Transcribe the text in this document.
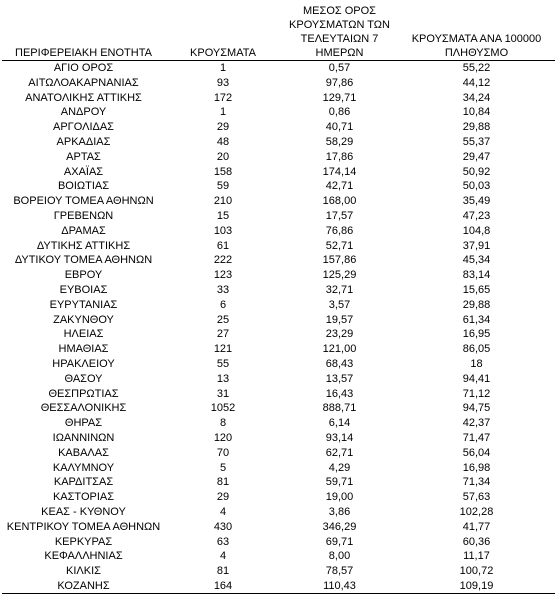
ΠΕΡΙΦΕΡΕΙΑΚΗ ΕΝΟΤΗΤΑ	ΚΡΟΥΣΜΑΤΑ	ΜΕΣΟΣ ΟΡΟΣ ΚΡΟΥΣΜΑΤΩΝ ΤΩΝ ΤΕΛΕΥΤΑΙΩΝ 7 ΗΜΕΡΩΝ	ΚΡΟΥΣΜΑΤΑ ΑΝΑ 100000 ΠΛΗΘΥΣΜΟ
ΑΓΙΟ ΟΡΟΣ	1	0,57	55,22
ΑΙΤΩΛΟΑΚΑΡΝΑΝΙΑΣ	93	97,86	44,12
ΑΝΑΤΟΛΙΚΗΣ ΑΤΤΙΚΗΣ	172	129,71	34,24
ΑΝΔΡΟΥ	1	0,86	10,84
ΑΡΓΟΛΙΔΑΣ	29	40,71	29,88
ΑΡΚΑΔΙΑΣ	48	58,29	55,37
ΑΡΤΑΣ	20	17,86	29,47
ΑΧΑΪΑΣ	158	174,14	50,92
ΒΟΙΩΤΙΑΣ	59	42,71	50,03
ΒΟΡΕΙΟΥ ΤΟΜΕΑ ΑΘΗΝΩΝ	210	168,00	35,49
ΓΡΕΒΕΝΩΝ	15	17,57	47,23
ΔΡΑΜΑΣ	103	76,86	104,8
ΔΥΤΙΚΗΣ ΑΤΤΙΚΗΣ	61	52,71	37,91
ΔΥΤΙΚΟΥ ΤΟΜΕΑ ΑΘΗΝΩΝ	222	157,86	45,34
ΕΒΡΟΥ	123	125,29	83,14
ΕΥΒΟΙΑΣ	33	32,71	15,65
ΕΥΡΥΤΑΝΙΑΣ	6	3,57	29,88
ΖΑΚΥΝΘΟΥ	25	19,57	61,34
ΗΛΕΙΑΣ	27	23,29	16,95
ΗΜΑΘΙΑΣ	121	121,00	86,05
ΗΡΑΚΛΕΙΟΥ	55	68,43	18
ΘΑΣΟΥ	13	13,57	94,41
ΘΕΣΠΡΩΤΙΑΣ	31	16,43	71,12
ΘΕΣΣΑΛΟΝΙΚΗΣ	1052	888,71	94,75
ΘΗΡΑΣ	8	6,14	42,37
ΙΩΑΝΝΙΝΩΝ	120	93,14	71,47
ΚΑΒΑΛΑΣ	70	62,71	56,04
ΚΑΛΥΜΝΟΥ	5	4,29	16,98
ΚΑΡΔΙΤΣΑΣ	81	59,71	71,34
ΚΑΣΤΟΡΙΑΣ	29	19,00	57,63
ΚΕΑΣ - ΚΥΘΝΟΥ	4	3,86	102,28
ΚΕΝΤΡΙΚΟΥ ΤΟΜΕΑ ΑΘΗΝΩΝ	430	346,29	41,77
ΚΕΡΚΥΡΑΣ	63	69,71	60,36
ΚΕΦΑΛΛΗΝΙΑΣ	4	8,00	11,17
ΚΙΛΚΙΣ	81	78,57	100,72
ΚΟΖΑΝΗΣ	164	110,43	109,19
